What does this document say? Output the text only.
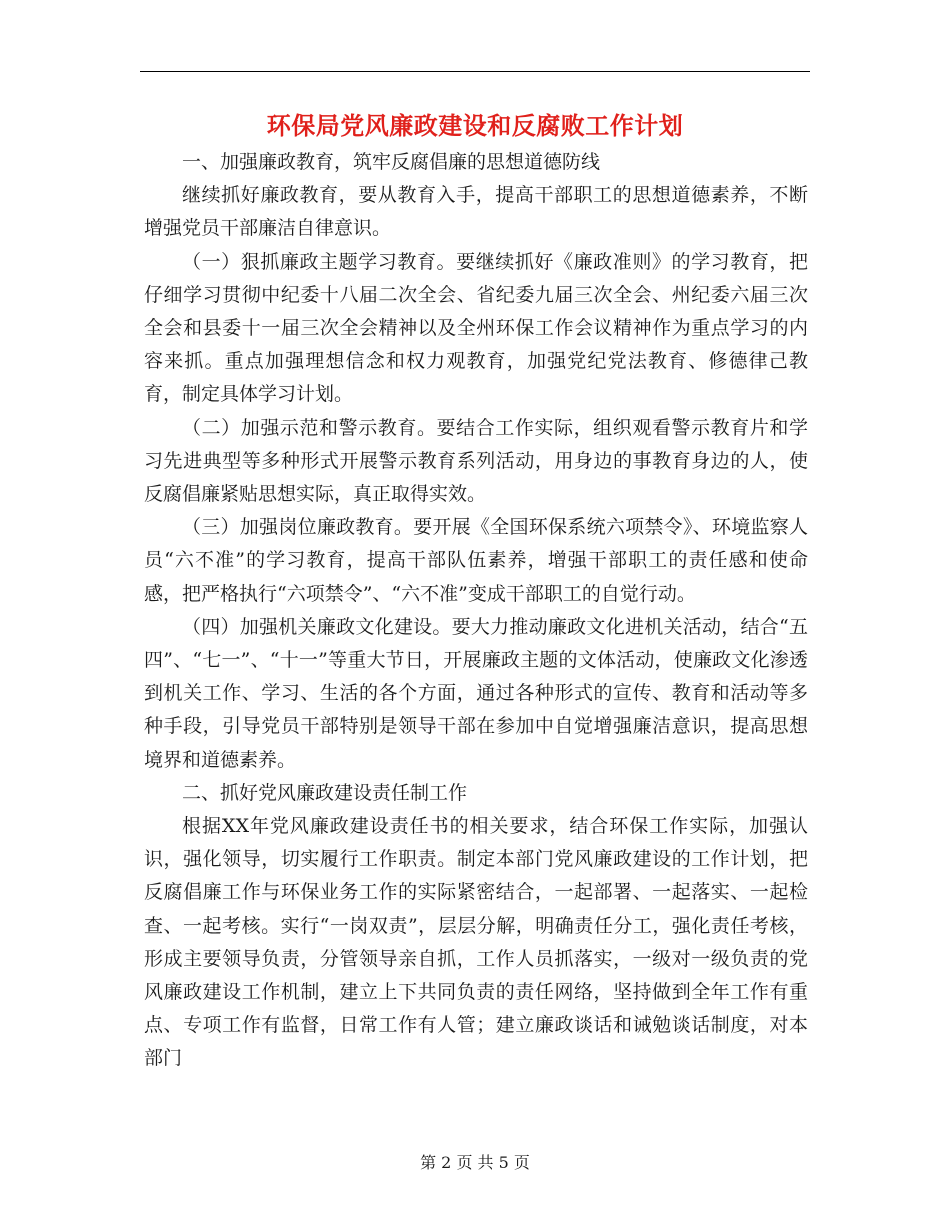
环保局党风廉政建设和反腐败工作计划

一、加强廉政教育，筑牢反腐倡廉的思想道德防线

继续抓好廉政教育，要从教育入手，提高干部职工的思想道德素养，不断增强党员干部廉洁自律意识。

（一）狠抓廉政主题学习教育。要继续抓好《廉政准则》的学习教育，把仔细学习贯彻中纪委十八届二次全会、省纪委九届三次全会、州纪委六届三次全会和县委十一届三次全会精神以及全州环保工作会议精神作为重点学习的内容来抓。重点加强理想信念和权力观教育，加强党纪党法教育、修德律己教育，制定具体学习计划。

（二）加强示范和警示教育。要结合工作实际，组织观看警示教育片和学习先进典型等多种形式开展警示教育系列活动，用身边的事教育身边的人，使反腐倡廉紧贴思想实际，真正取得实效。

（三）加强岗位廉政教育。要开展《全国环保系统六项禁令》、环境监察人员“六不准”的学习教育，提高干部队伍素养，增强干部职工的责任感和使命感，把严格执行“六项禁令”、“六不准”变成干部职工的自觉行动。

（四）加强机关廉政文化建设。要大力推动廉政文化进机关活动，结合“五四”、“七一”、“十一”等重大节日，开展廉政主题的文体活动，使廉政文化渗透到机关工作、学习、生活的各个方面，通过各种形式的宣传、教育和活动等多种手段，引导党员干部特别是领导干部在参加中自觉增强廉洁意识，提高思想境界和道德素养。

二、抓好党风廉政建设责任制工作

根据XX年党风廉政建设责任书的相关要求，结合环保工作实际，加强认识，强化领导，切实履行工作职责。制定本部门党风廉政建设的工作计划，把反腐倡廉工作与环保业务工作的实际紧密结合，一起部署、一起落实、一起检查、一起考核。实行“一岗双责”，层层分解，明确责任分工，强化责任考核，形成主要领导负责，分管领导亲自抓，工作人员抓落实，一级对一级负责的党风廉政建设工作机制，建立上下共同负责的责任网络，坚持做到全年工作有重点、专项工作有监督，日常工作有人管；建立廉政谈话和诫勉谈话制度，对本部门

第 2 页 共 5 页
